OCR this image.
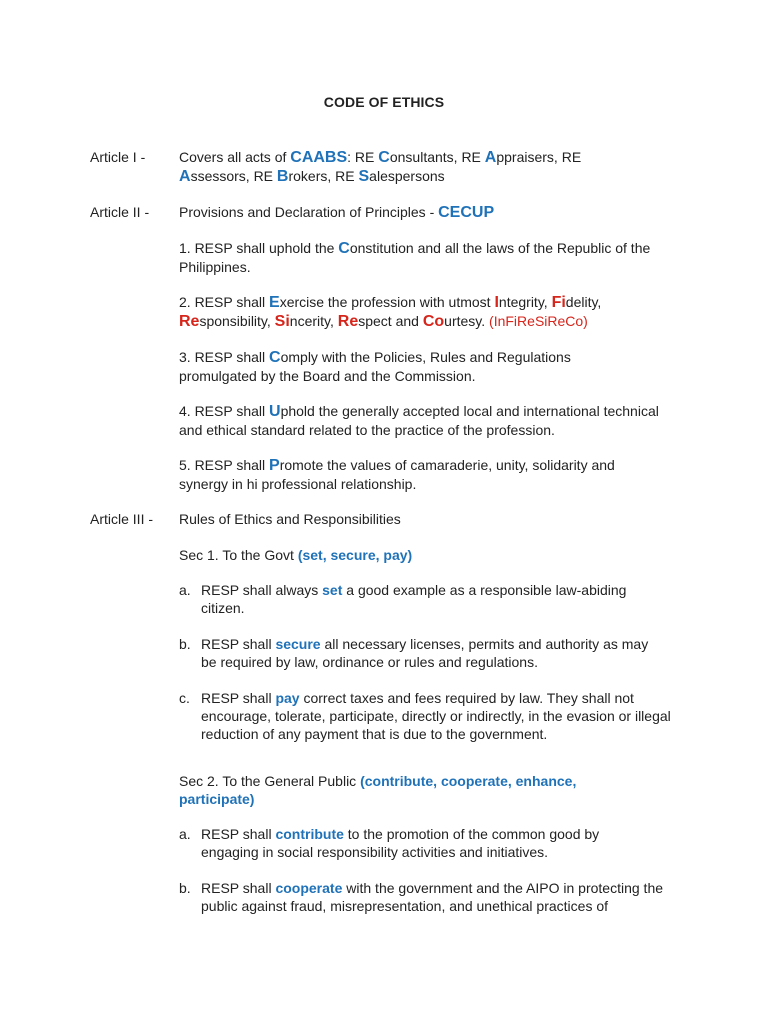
CODE OF ETHICS
Article I - Covers all acts of CAABS: RE Consultants, RE Appraisers, RE
Assessors, RE Brokers, RE Salespersons
Article II - Provisions and Declaration of Principles - CECUP
1. RESP shall uphold the Constitution and all the laws of the Republic of the Philippines.
2. RESP shall Exercise the profession with utmost Integrity, Fidelity,
Responsibility, Sincerity, Respect and Courtesy. (InFiReSiReCo)
3. RESP shall Comply with the Policies, Rules and Regulations promulgated by the Board and the Commission.
4. RESP shall Uphold the generally accepted local and international technical and ethical standard related to the practice of the profession.
5. RESP shall Promote the values of camaraderie, unity, solidarity and synergy in hi professional relationship.
Article III - Rules of Ethics and Responsibilities
Sec 1. To the Govt (set, secure, pay)
a. RESP shall always set a good example as a responsible law-abiding citizen.
b. RESP shall secure all necessary licenses, permits and authority as may be required by law, ordinance or rules and regulations.
c. RESP shall pay correct taxes and fees required by law. They shall not encourage, tolerate, participate, directly or indirectly, in the evasion or illegal reduction of any payment that is due to the government.
Sec 2. To the General Public (contribute, cooperate, enhance, participate)
a. RESP shall contribute to the promotion of the common good by engaging in social responsibility activities and initiatives.
b. RESP shall cooperate with the government and the AIPO in protecting the public against fraud, misrepresentation, and unethical practices of
